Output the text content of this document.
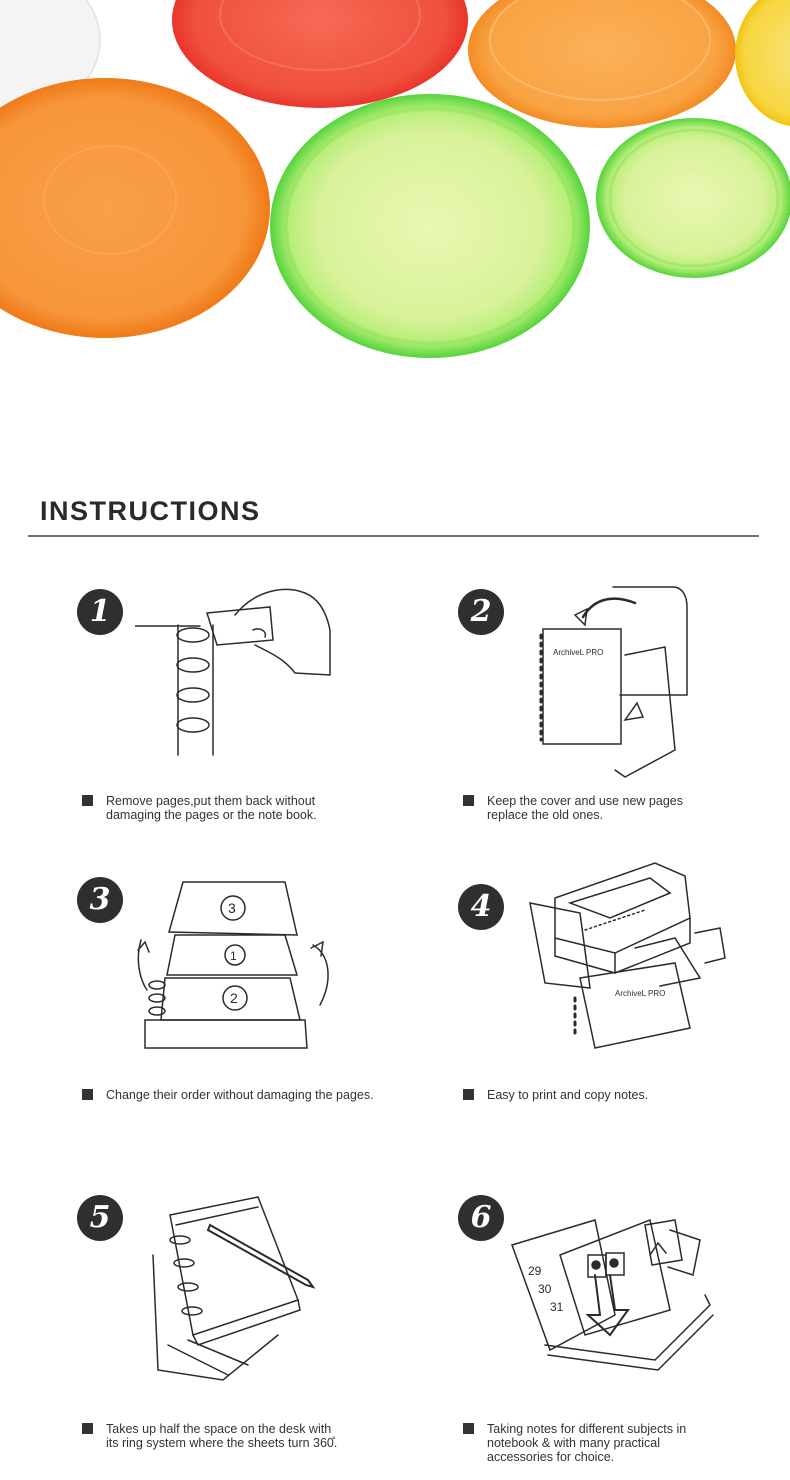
INSTRUCTIONS
1
Remove pages,put them back without
damaging the pages or the note book.
2
ArchiveL PRO
Keep the cover and use new pages
replace the old ones.
3	3
1
2
Change their order without damaging the pages.
4
ArchiveL PRO
Easy to print and copy notes.
5
Takes up half the space on the desk with
its ring system where the sheets turn 360̊.
6
29
30
31
Taking notes for different subjects in
notebook & with many practical
accessories for choice.
